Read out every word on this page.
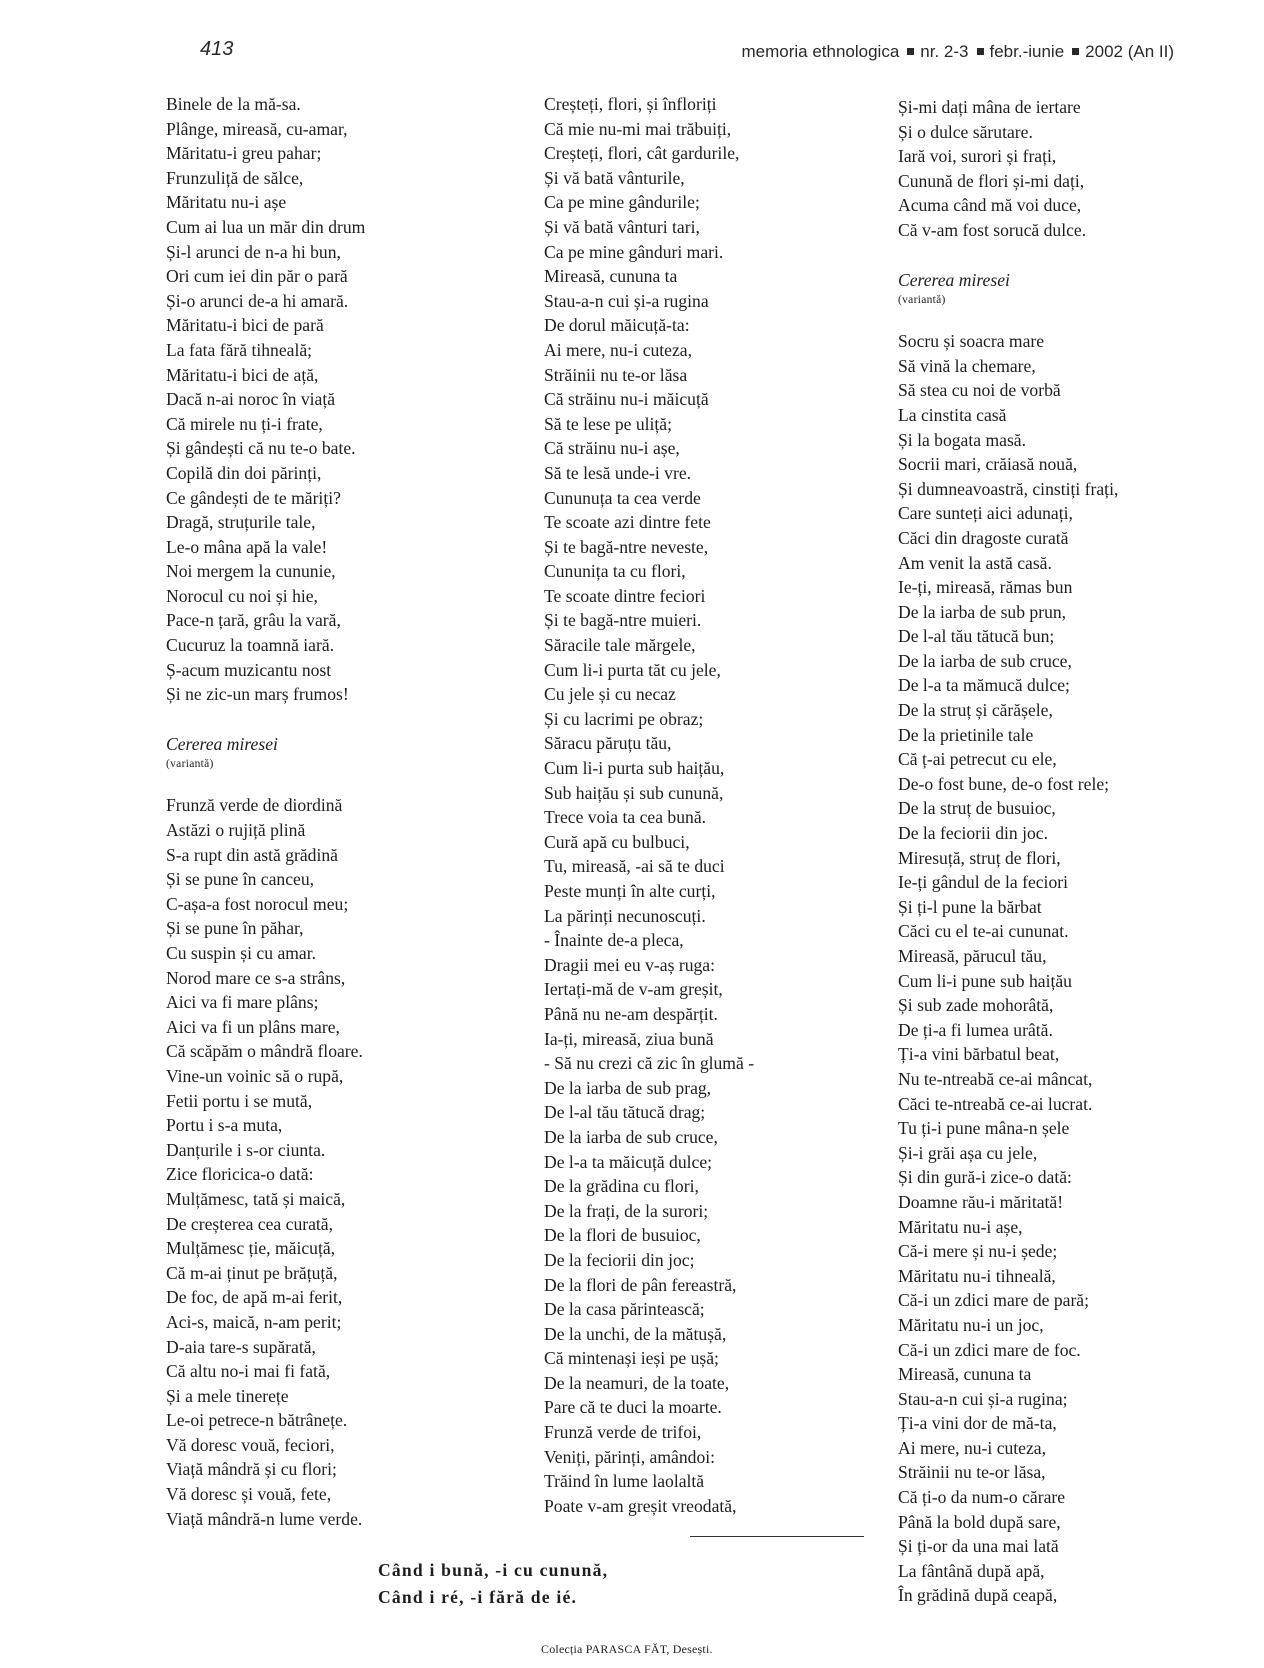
413	memoria ethnologica nr. 2-3 febr.-iunie 2002 (An II)
Binele de la mă-sa.
Plânge, mireasă, cu-amar,
Măritatu-i greu pahar;
Frunzuliță de sălce,
Măritatu nu-i așe
Cum ai lua un măr din drum
Și-l arunci de n-a hi bun,
Ori cum iei din păr o pară
Și-o arunci de-a hi amară.
Măritatu-i bici de pară
La fata fără tihneală;
Măritatu-i bici de ață,
Dacă n-ai noroc în viață
Că mirele nu ți-i frate,
Și gândești că nu te-o bate.
Copilă din doi părinți,
Ce gândești de te măriți?
Dragă, struțurile tale,
Le-o mâna apă la vale!
Noi mergem la cununie,
Norocul cu noi și hie,
Pace-n țară, grâu la vară,
Cucuruz la toamnă iară.
Ș-acum muzicantu nost
Și ne zic-un marș frumos!
Cererea miresei
(variantă)
Frunză verde de diordină
Astăzi o rujiță plină
S-a rupt din astă grădină
Și se pune în canceu,
C-așa-a fost norocul meu;
Și se pune în păhar,
Cu suspin și cu amar.
Norod mare ce s-a strâns,
Aici va fi mare plâns;
Aici va fi un plâns mare,
Că scăpăm o mândră floare.
Vine-un voinic să o rupă,
Fetii portu i se mută,
Portu i s-a muta,
Danțurile i s-or ciunta.
Zice floricica-o dată:
Mulțămesc, tată și maică,
De creșterea cea curată,
Mulțămesc ție, măicuță,
Că m-ai ținut pe brățuță,
De foc, de apă m-ai ferit,
Aci-s, maică, n-am perit;
D-aia tare-s supărată,
Că altu no-i mai fi fată,
Și a mele tinerețe
Le-oi petrece-n bătrânețe.
Vă doresc vouă, feciori,
Viață mândră și cu flori;
Vă doresc și vouă, fete,
Viață mândră-n lume verde.
Creșteți, flori, și înfloriți
Că mie nu-mi mai trăbuiți,
Creșteți, flori, cât gardurile,
Și vă bată vânturile,
Ca pe mine gândurile;
Și vă bată vânturi tari,
Ca pe mine gânduri mari.
Mireasă, cununa ta
Stau-a-n cui și-a rugina
De dorul măicuță-ta:
Ai mere, nu-i cuteza,
Străinii nu te-or lăsa
Că străinu nu-i măicuță
Să te lese pe uliță;
Că străinu nu-i așe,
Să te lesă unde-i vre.
Cununuța ta cea verde
Te scoate azi dintre fete
Și te bagă-ntre neveste,
Cununița ta cu flori,
Te scoate dintre feciori
Și te bagă-ntre muieri.
Săracile tale mărgele,
Cum li-i purta tăt cu jele,
Cu jele și cu necaz
Și cu lacrimi pe obraz;
Săracu păruțu tău,
Cum li-i purta sub haițău,
Sub haițău și sub cunună,
Trece voia ta cea bună.
Cură apă cu bulbuci,
Tu, mireasă, -ai să te duci
Peste munți în alte curți,
La părinți necunoscuți.
- Înainte de-a pleca,
Dragii mei eu v-aș ruga:
Iertați-mă de v-am greșit,
Până nu ne-am despărțit.
Ia-ți, mireasă, ziua bună
- Să nu crezi că zic în glumă -
De la iarba de sub prag,
De l-al tău tătucă drag;
De la iarba de sub cruce,
De l-a ta măicuță dulce;
De la grădina cu flori,
De la frați, de la surori;
De la flori de busuioc,
De la feciorii din joc;
De la flori de pân fereastră,
De la casa părintească;
De la unchi, de la mătușă,
Că mintenași ieși pe ușă;
De la neamuri, de la toate,
Pare că te duci la moarte.
Frunză verde de trifoi,
Veniți, părinți, amândoi:
Trăind în lume laolaltă
Poate v-am greșit vreodată,
Și-mi dați mâna de iertare
Și o dulce sărutare.
Iară voi, surori și frați,
Cunună de flori și-mi dați,
Acuma când mă voi duce,
Că v-am fost sorucă dulce.
Cererea miresei
(variantă)
Socru și soacra mare
Să vină la chemare,
Să stea cu noi de vorbă
La cinstita casă
Și la bogata masă.
Socrii mari, crăiasă nouă,
Și dumneavoastră, cinstiți frați,
Care sunteți aici adunați,
Căci din dragoste curată
Am venit la astă casă.
Ie-ți, mireasă, rămas bun
De la iarba de sub prun,
De l-al tău tătucă bun;
De la iarba de sub cruce,
De l-a ta mămucă dulce;
De la struț și cărășele,
De la prietinile tale
Că ț-ai petrecut cu ele,
De-o fost bune, de-o fost rele;
De la struț de busuioc,
De la feciorii din joc.
Miresuță, struț de flori,
Ie-ți gândul de la feciori
Și ți-l pune la bărbat
Căci cu el te-ai cununat.
Mireasă, părucul tău,
Cum li-i pune sub haițău
Și sub zade mohorâtă,
De ți-a fi lumea urâtă.
Ți-a vini bărbatul beat,
Nu te-ntreabă ce-ai mâncat,
Căci te-ntreabă ce-ai lucrat.
Tu ți-i pune mâna-n șele
Și-i grăi așa cu jele,
Și din gură-i zice-o dată:
Doamne rău-i măritată!
Măritatu nu-i așe,
Că-i mere și nu-i șede;
Măritatu nu-i tihneală,
Că-i un zdici mare de pară;
Măritatu nu-i un joc,
Că-i un zdici mare de foc.
Mireasă, cununa ta
Stau-a-n cui și-a rugina;
Ți-a vini dor de mă-ta,
Ai mere, nu-i cuteza,
Străinii nu te-or lăsa,
Că ți-o da num-o cărare
Până la bold după sare,
Și ți-or da una mai lată
La fântână după apă,
În grădină după ceapă,
Când i bună, -i cu cunună,
Când i ré, -i fără de ié.
Colecția PARASCA FĂT, Desești.
